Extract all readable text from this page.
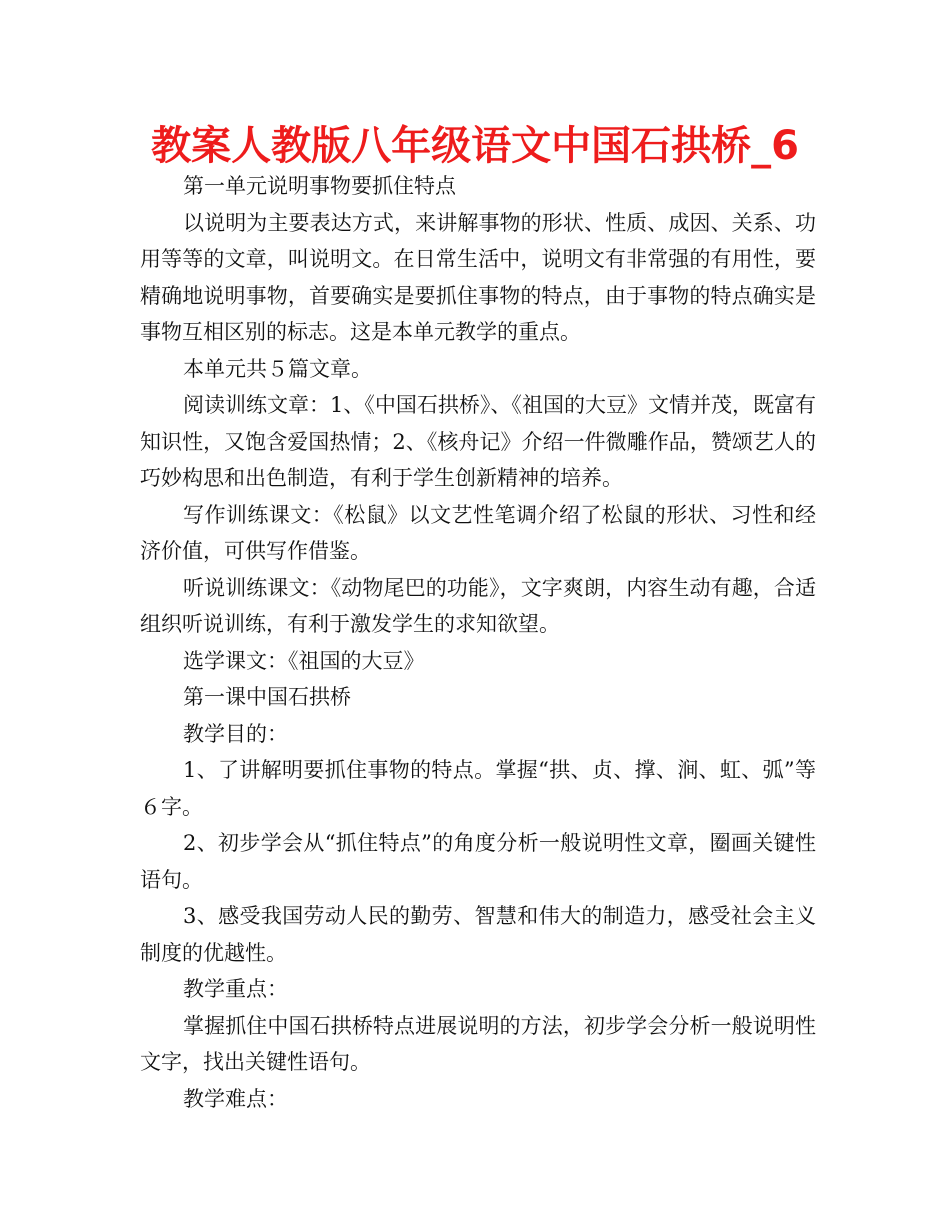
教案人教版八年级语文中国石拱桥_6

第一单元说明事物要抓住特点

以说明为主要表达方式，来讲解事物的形状、性质、成因、关系、功用等等的文章，叫说明文。在日常生活中，说明文有非常强的有用性，要精确地说明事物，首要确实是要抓住事物的特点，由于事物的特点确实是事物互相区别的标志。这是本单元教学的重点。

本单元共５篇文章。

阅读训练文章：1、《中国石拱桥》、《祖国的大豆》文情并茂，既富有知识性，又饱含爱国热情；2、《核舟记》介绍一件微雕作品，赞颂艺人的巧妙构思和出色制造，有利于学生创新精神的培养。

写作训练课文：《松鼠》以文艺性笔调介绍了松鼠的形状、习性和经济价值，可供写作借鉴。

听说训练课文：《动物尾巴的功能》，文字爽朗，内容生动有趣，合适组织听说训练，有利于激发学生的求知欲望。

选学课文：《祖国的大豆》

第一课中国石拱桥

教学目的：

1、了讲解明要抓住事物的特点。掌握“拱、贞、撑、涧、虹、弧”等６字。

2、初步学会从“抓住特点”的角度分析一般说明性文章，圈画关键性语句。

3、感受我国劳动人民的勤劳、智慧和伟大的制造力，感受社会主义制度的优越性。

教学重点：

掌握抓住中国石拱桥特点进展说明的方法，初步学会分析一般说明性文字，找出关键性语句。

教学难点：
